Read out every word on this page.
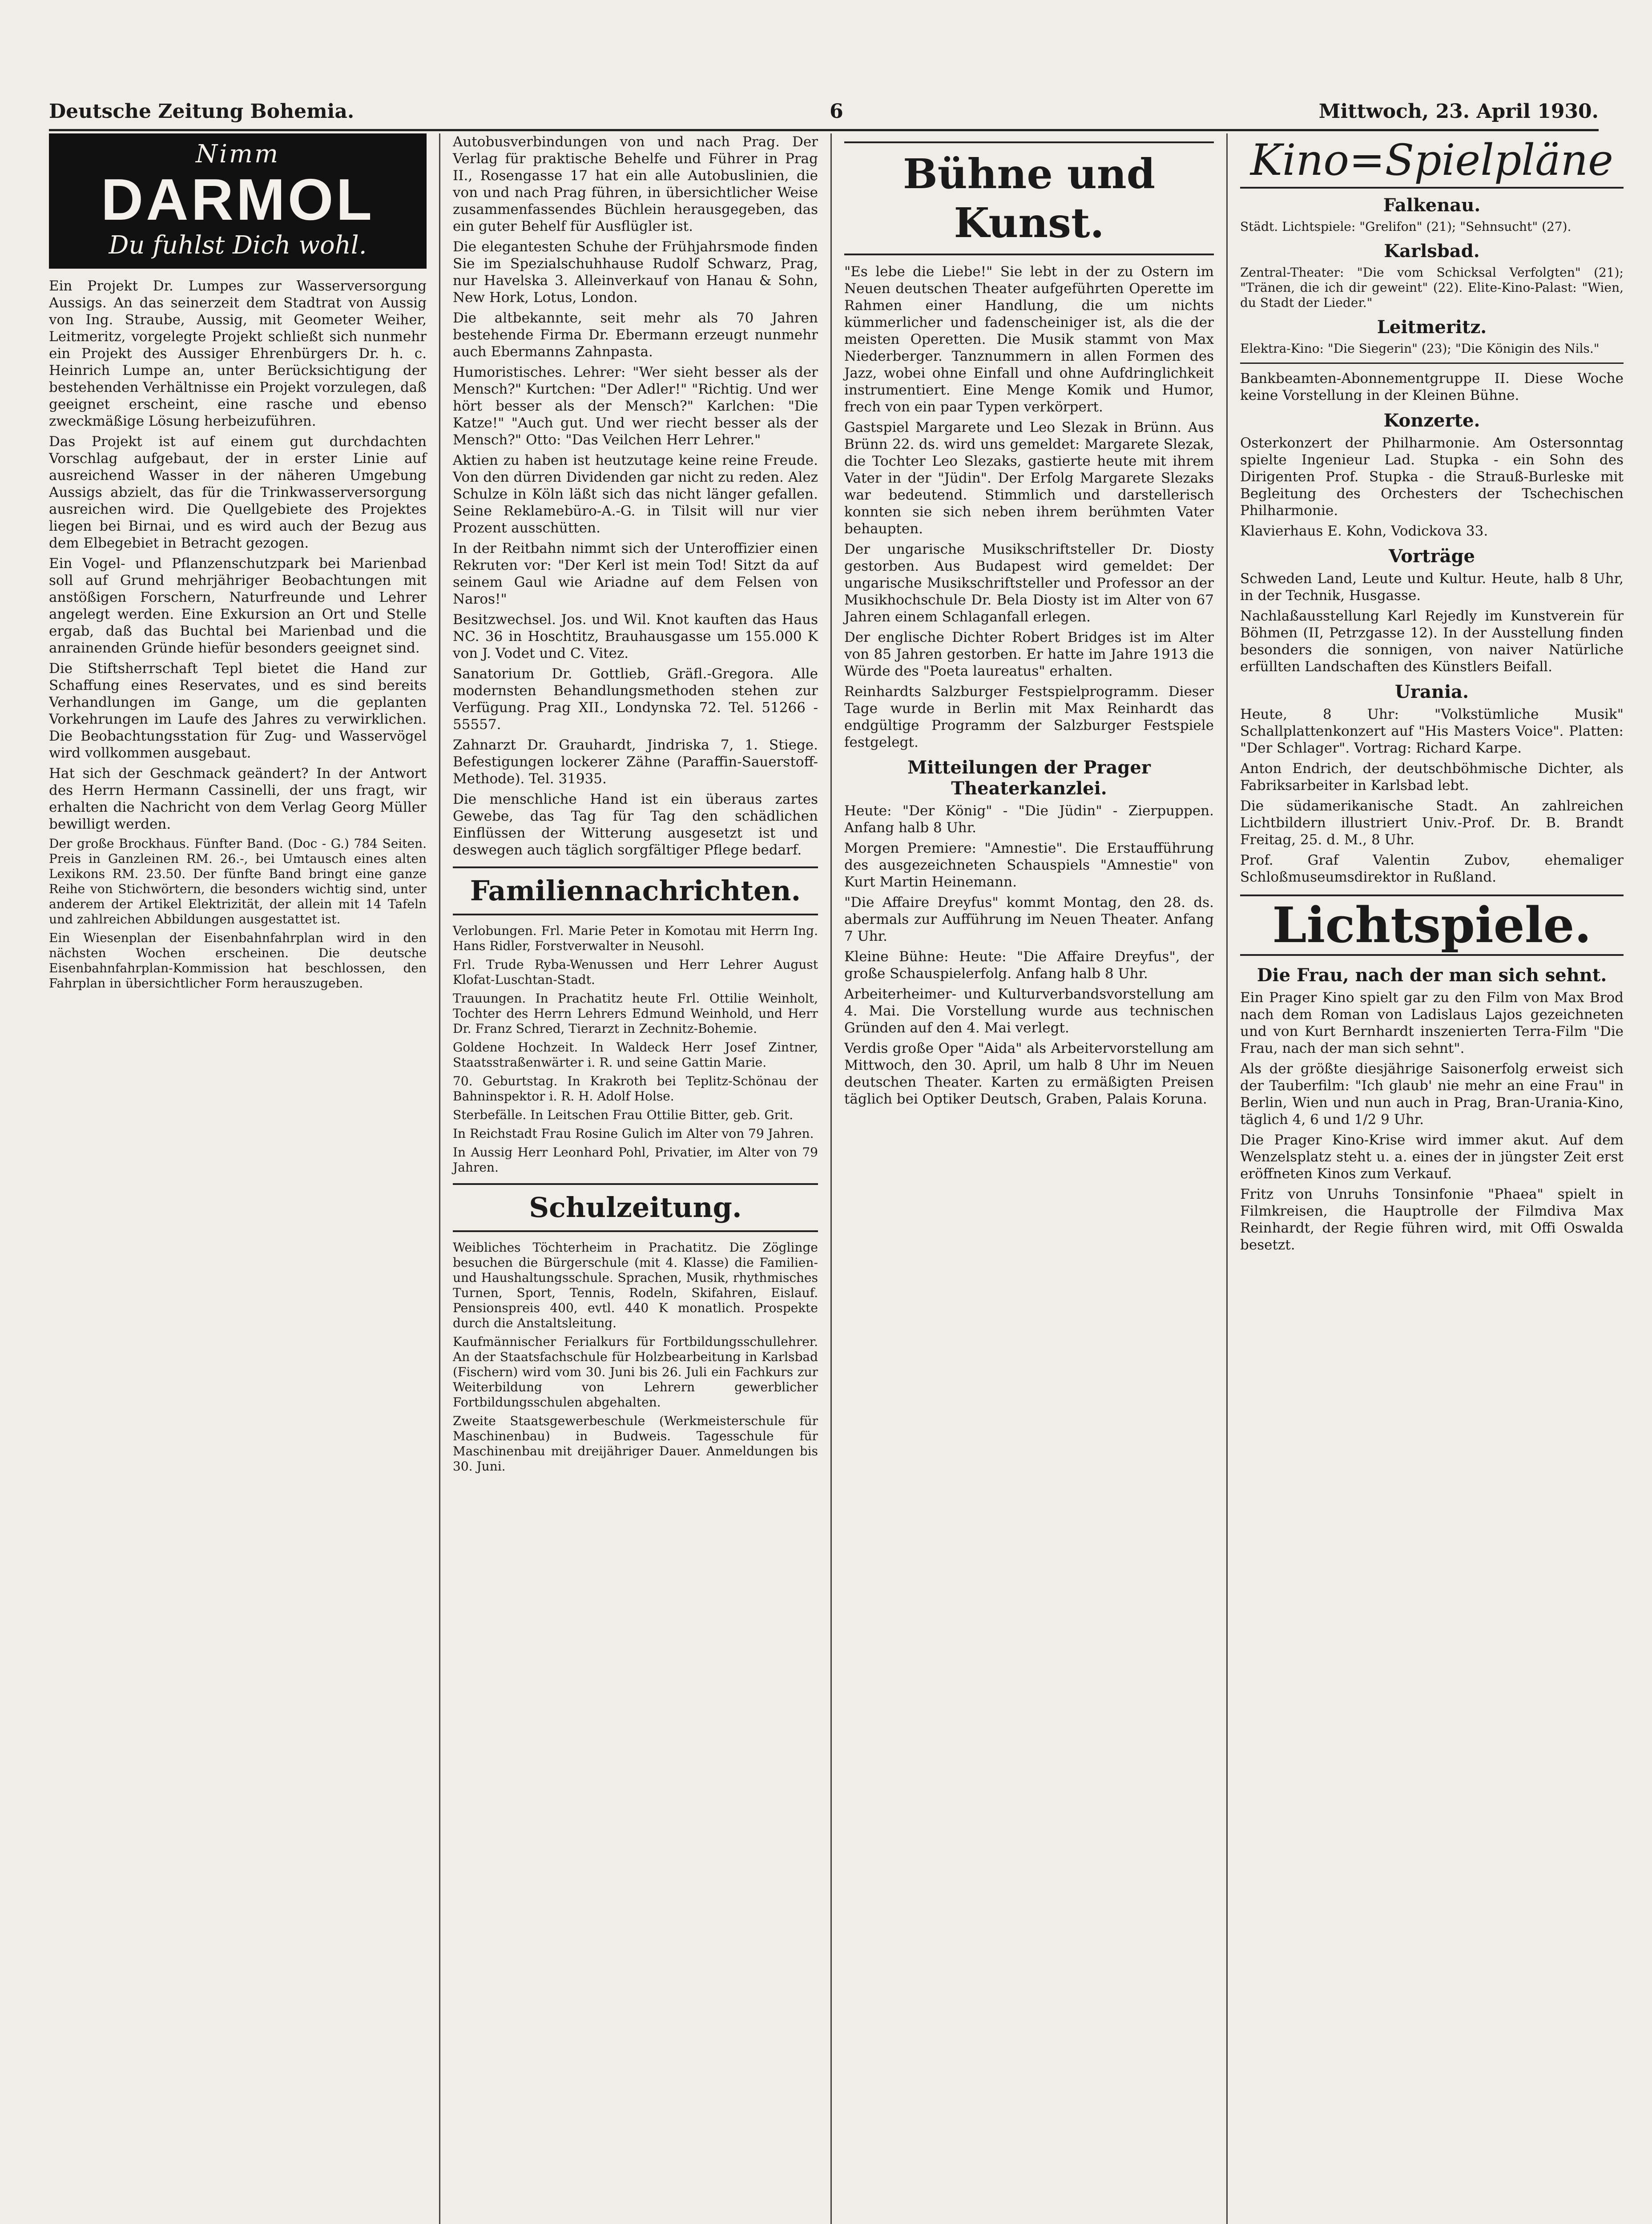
Deutsche Zeitung Bohemia.	6	Mittwoch, 23. April 1930.
Nimm
DARMOL
Du fuhlst Dich wohl.

Ein Projekt Dr. Lumpes zur Wasserversorgung Aussigs. An das seinerzeit dem Stadtrat von Aussig von Ing. Straube, Aussig, mit Geometer Weiher, Leitmeritz, vorgelegte Projekt schließt sich nunmehr ein Projekt des Aussiger Ehrenbürgers Dr. h. c. Heinrich Lumpe an, unter Berücksichtigung der bestehenden Verhältnisse ein Projekt vorzulegen, daß geeignet erscheint, eine rasche und ebenso zweckmäßige Lösung herbeizuführen.

Das Projekt ist auf einem gut durchdachten Vorschlag aufgebaut, der in erster Linie auf ausreichend Wasser in der näheren Umgebung Aussigs abzielt, das für die Trinkwasserversorgung ausreichen wird. Die Quellgebiete des Projektes liegen bei Birnai, und es wird auch der Bezug aus dem Elbegebiet in Betracht gezogen.

Ein Vogel- und Pflanzenschutzpark bei Marienbad soll auf Grund mehrjähriger Beobachtungen mit anstößigen Forschern, Naturfreunde und Lehrer angelegt werden. Eine Exkursion an Ort und Stelle ergab, daß das Buchtal bei Marienbad und die anrainenden Gründe hiefür besonders geeignet sind.

Die Stiftsherrschaft Tepl bietet die Hand zur Schaffung eines Reservates, und es sind bereits Verhandlungen im Gange, um die geplanten Vorkehrungen im Laufe des Jahres zu verwirklichen. Die Beobachtungsstation für Zug- und Wasservögel wird vollkommen ausgebaut.

Hat sich der Geschmack geändert? In der Antwort des Herrn Hermann Cassinelli, der uns fragt, wir erhalten die Nachricht von dem Verlag Georg Müller bewilligt werden.

Der große Brockhaus. Fünfter Band. (Doc - G.) 784 Seiten. Preis in Ganzleinen RM. 26.-, bei Umtausch eines alten Lexikons RM. 23.50. Der fünfte Band bringt eine ganze Reihe von Stichwörtern, die besonders wichtig sind, unter anderem der Artikel Elektrizität, der allein mit 14 Tafeln und zahlreichen Abbildungen ausgestattet ist.

Ein Wiesenplan der Eisenbahnfahrplan wird in den nächsten Wochen erscheinen. Die deutsche Eisenbahnfahrplan-Kommission hat beschlossen, den Fahrplan in übersichtlicher Form herauszugeben.

Autobusverbindungen von und nach Prag. Der Verlag für praktische Behelfe und Führer in Prag II., Rosengasse 17 hat ein alle Autobuslinien, die von und nach Prag führen, in übersichtlicher Weise zusammenfassendes Büchlein herausgegeben, das ein guter Behelf für Ausflügler ist.

Die elegantesten Schuhe der Frühjahrsmode finden Sie im Spezialschuhhause Rudolf Schwarz, Prag, nur Havelska 3. Alleinverkauf von Hanau & Sohn, New Hork, Lotus, London.

Die altbekannte, seit mehr als 70 Jahren bestehende Firma Dr. Ebermann erzeugt nunmehr auch Ebermanns Zahnpasta.

Humoristisches. Lehrer: "Wer sieht besser als der Mensch?" Kurtchen: "Der Adler!" "Richtig. Und wer hört besser als der Mensch?" Karlchen: "Die Katze!" "Auch gut. Und wer riecht besser als der Mensch?" Otto: "Das Veilchen Herr Lehrer."

Aktien zu haben ist heutzutage keine reine Freude. Von den dürren Dividenden gar nicht zu reden. Alez Schulze in Köln läßt sich das nicht länger gefallen. Seine Reklamebüro-A.-G. in Tilsit will nur vier Prozent ausschütten.

In der Reitbahn nimmt sich der Unteroffizier einen Rekruten vor: "Der Kerl ist mein Tod! Sitzt da auf seinem Gaul wie Ariadne auf dem Felsen von Naros!"

Besitzwechsel. Jos. und Wil. Knot kauften das Haus NC. 36 in Hoschtitz, Brauhausgasse um 155.000 K von J. Vodet und C. Vitez.

Sanatorium Dr. Gottlieb, Gräfl.-Gregora. Alle modernsten Behandlungsmethoden stehen zur Verfügung. Prag XII., Londynska 72. Tel. 51266 - 55557.

Zahnarzt Dr. Grauhardt, Jindriska 7, 1. Stiege. Befestigungen lockerer Zähne (Paraffin-Sauerstoff-Methode). Tel. 31935.

Die menschliche Hand ist ein überaus zartes Gewebe, das Tag für Tag den schädlichen Einflüssen der Witterung ausgesetzt ist und deswegen auch täglich sorgfältiger Pflege bedarf.

Familiennachrichten.

Verlobungen. Frl. Marie Peter in Komotau mit Herrn Ing. Hans Ridler, Forstverwalter in Neusohl.

Frl. Trude Ryba-Wenussen und Herr Lehrer August Klofat-Luschtan-Stadt.

Trauungen. In Prachatitz heute Frl. Ottilie Weinholt, Tochter des Herrn Lehrers Edmund Weinhold, und Herr Dr. Franz Schred, Tierarzt in Zechnitz-Bohemie.

Goldene Hochzeit. In Waldeck Herr Josef Zintner, Staatsstraßenwärter i. R. und seine Gattin Marie.

70. Geburtstag. In Krakroth bei Teplitz-Schönau der Bahninspektor i. R. H. Adolf Holse.

Sterbefälle. In Leitschen Frau Ottilie Bitter, geb. Grit.

In Reichstadt Frau Rosine Gulich im Alter von 79 Jahren.

In Aussig Herr Leonhard Pohl, Privatier, im Alter von 79 Jahren.

Schulzeitung.

Weibliches Töchterheim in Prachatitz. Die Zöglinge besuchen die Bürgerschule (mit 4. Klasse) die Familien- und Haushaltungsschule. Sprachen, Musik, rhythmisches Turnen, Sport, Tennis, Rodeln, Skifahren, Eislauf. Pensionspreis 400, evtl. 440 K monatlich. Prospekte durch die Anstaltsleitung.

Kaufmännischer Ferialkurs für Fortbildungsschullehrer. An der Staatsfachschule für Holzbearbeitung in Karlsbad (Fischern) wird vom 30. Juni bis 26. Juli ein Fachkurs zur Weiterbildung von Lehrern gewerblicher Fortbildungsschulen abgehalten.

Zweite Staatsgewerbeschule (Werkmeisterschule für Maschinenbau) in Budweis. Tagesschule für Maschinenbau mit dreijähriger Dauer. Anmeldungen bis 30. Juni.

Bühne und Kunst.

"Es lebe die Liebe!" Sie lebt in der zu Ostern im Neuen deutschen Theater aufgeführten Operette im Rahmen einer Handlung, die um nichts kümmerlicher und fadenscheiniger ist, als die der meisten Operetten. Die Musik stammt von Max Niederberger. Tanznummern in allen Formen des Jazz, wobei ohne Einfall und ohne Aufdringlichkeit instrumentiert. Eine Menge Komik und Humor, frech von ein paar Typen verkörpert.

Gastspiel Margarete und Leo Slezak in Brünn. Aus Brünn 22. ds. wird uns gemeldet: Margarete Slezak, die Tochter Leo Slezaks, gastierte heute mit ihrem Vater in der "Jüdin". Der Erfolg Margarete Slezaks war bedeutend. Stimmlich und darstellerisch konnten sie sich neben ihrem berühmten Vater behaupten.

Der ungarische Musikschriftsteller Dr. Diosty gestorben. Aus Budapest wird gemeldet: Der ungarische Musikschriftsteller und Professor an der Musikhochschule Dr. Bela Diosty ist im Alter von 67 Jahren einem Schlaganfall erlegen.

Der englische Dichter Robert Bridges ist im Alter von 85 Jahren gestorben. Er hatte im Jahre 1913 die Würde des "Poeta laureatus" erhalten.

Reinhardts Salzburger Festspielprogramm. Dieser Tage wurde in Berlin mit Max Reinhardt das endgültige Programm der Salzburger Festspiele festgelegt.

Mitteilungen der Prager Theaterkanzlei.

Heute: "Der König" - "Die Jüdin" - Zierpuppen. Anfang halb 8 Uhr.

Morgen Premiere: "Amnestie". Die Erstaufführung des ausgezeichneten Schauspiels "Amnestie" von Kurt Martin Heinemann.

"Die Affaire Dreyfus" kommt Montag, den 28. ds. abermals zur Aufführung im Neuen Theater. Anfang 7 Uhr.

Kleine Bühne: Heute: "Die Affaire Dreyfus", der große Schauspielerfolg. Anfang halb 8 Uhr.

Arbeiterheimer- und Kulturverbandsvorstellung am 4. Mai. Die Vorstellung wurde aus technischen Gründen auf den 4. Mai verlegt.

Verdis große Oper "Aida" als Arbeitervorstellung am Mittwoch, den 30. April, um halb 8 Uhr im Neuen deutschen Theater. Karten zu ermäßigten Preisen täglich bei Optiker Deutsch, Graben, Palais Koruna.

Kino=Spielpläne
Falkenau.

Städt. Lichtspiele: "Grelifon" (21); "Sehnsucht" (27).

Karlsbad.

Zentral-Theater: "Die vom Schicksal Verfolgten" (21); "Tränen, die ich dir geweint" (22). Elite-Kino-Palast: "Wien, du Stadt der Lieder."

Leitmeritz.

Elektra-Kino: "Die Siegerin" (23); "Die Königin des Nils."

Bankbeamten-Abonnementgruppe II. Diese Woche keine Vorstellung in der Kleinen Bühne.

Konzerte.

Osterkonzert der Philharmonie. Am Ostersonntag spielte Ingenieur Lad. Stupka - ein Sohn des Dirigenten Prof. Stupka - die Strauß-Burleske mit Begleitung des Orchesters der Tschechischen Philharmonie.

Klavierhaus E. Kohn, Vodickova 33.

Vorträge

Schweden Land, Leute und Kultur. Heute, halb 8 Uhr, in der Technik, Husgasse.

Nachlaßausstellung Karl Rejedly im Kunstverein für Böhmen (II, Petrzgasse 12). In der Ausstellung finden besonders die sonnigen, von naiver Natürliche erfüllten Landschaften des Künstlers Beifall.

Urania.

Heute, 8 Uhr: "Volkstümliche Musik" Schallplattenkonzert auf "His Masters Voice". Platten: "Der Schlager". Vortrag: Richard Karpe.

Anton Endrich, der deutschböhmische Dichter, als Fabriksarbeiter in Karlsbad lebt.

Die südamerikanische Stadt. An zahlreichen Lichtbildern illustriert Univ.-Prof. Dr. B. Brandt Freitag, 25. d. M., 8 Uhr.

Prof. Graf Valentin Zubov, ehemaliger Schloßmuseumsdirektor in Rußland.

Lichtspiele.
Die Frau, nach der man sich sehnt.

Ein Prager Kino spielt gar zu den Film von Max Brod nach dem Roman von Ladislaus Lajos gezeichneten und von Kurt Bernhardt inszenierten Terra-Film "Die Frau, nach der man sich sehnt".

Als der größte diesjährige Saisonerfolg erweist sich der Tauberfilm: "Ich glaub' nie mehr an eine Frau" in Berlin, Wien und nun auch in Prag, Bran-Urania-Kino, täglich 4, 6 und 1/2 9 Uhr.

Die Prager Kino-Krise wird immer akut. Auf dem Wenzelsplatz steht u. a. eines der in jüngster Zeit erst eröffneten Kinos zum Verkauf.

Fritz von Unruhs Tonsinfonie "Phaea" spielt in Filmkreisen, die Hauptrolle der Filmdiva Max Reinhardt, der Regie führen wird, mit Offi Oswalda besetzt.
